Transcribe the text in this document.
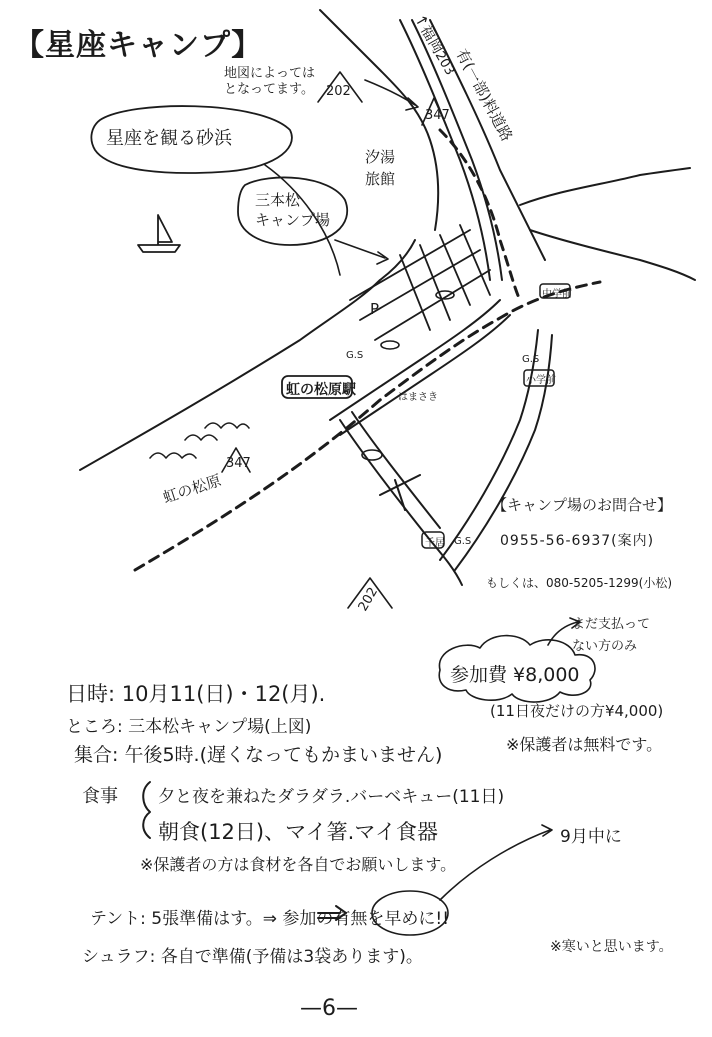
【星座キャンプ】
地図によっては
となってます。 202
347
203
↑福岡
有(一部)料道路
星座を観る砂浜
三本松
キャンプ場
汐湯
旅館
中学前
小学前
G.S
G.S
G.S
虹の松原駅	はまさき
347
虹の松原
千居
202
P
【キャンプ場のお問合せ】
0955-56-6937(案内)
もしくは、080-5205-1299(小松)
まだ支払って
ない方のみ
参加費 ¥8,000
(11日夜だけの方¥4,000)
※保護者は無料です。
日時: 10月11(日)・12(月).
ところ: 三本松キャンプ場(上図)
集合: 午後5時.(遅くなってもかまいません)
食事 夕と夜を兼ねたダラダラ.バーベキュー(11日)
朝食(12日)、マイ箸.マイ食器
※保護者の方は食材を各自でお願いします。
9月中に
テント: 5張準備はす。⇒ 参加の有無を早めに!!
シュラフ: 各自で準備(予備は3袋あります)。	※寒いと思います。
—6—
